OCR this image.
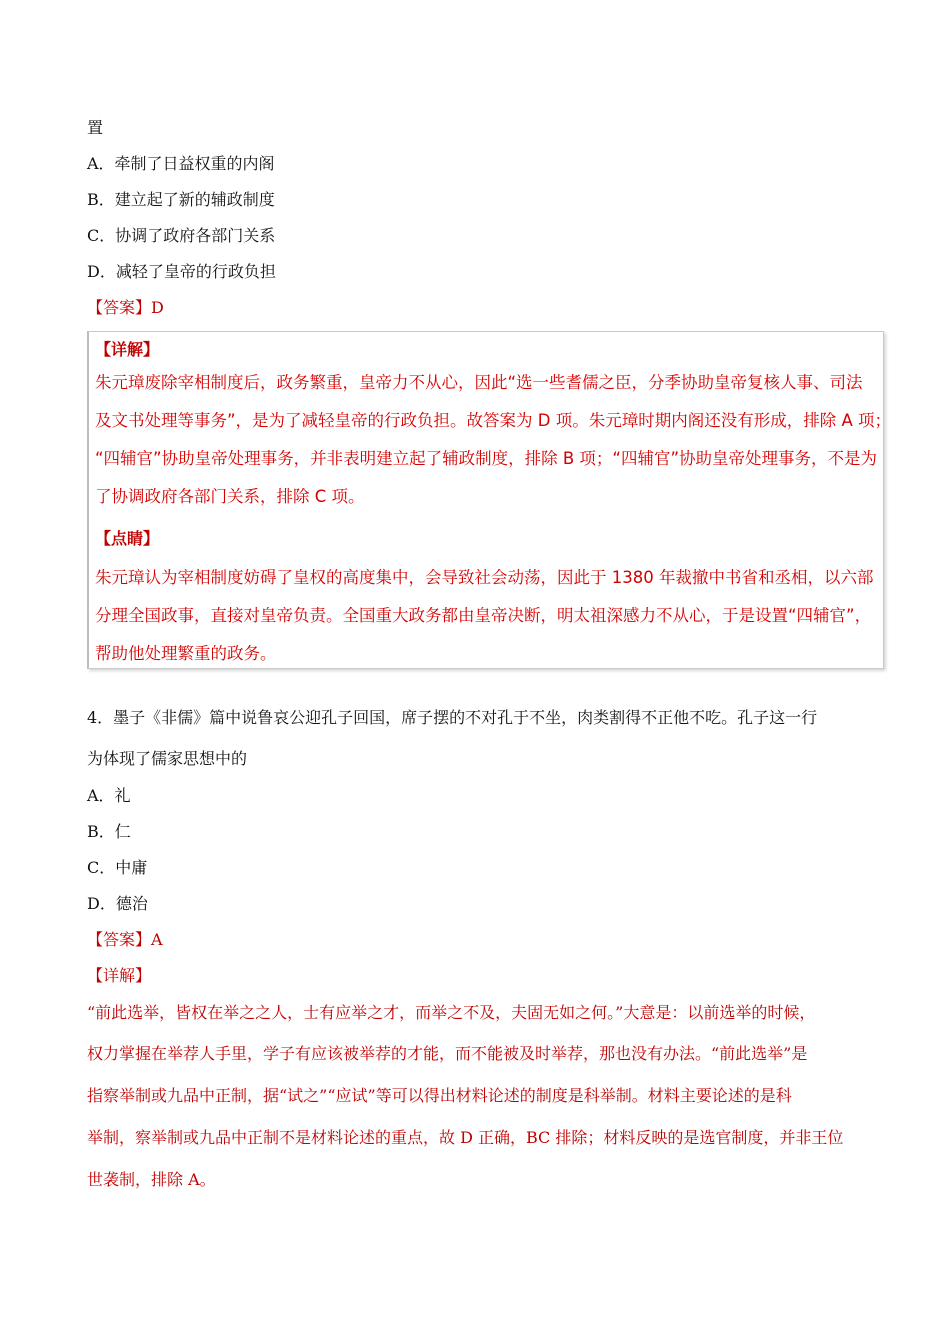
置
A．牵制了日益权重的内阁
B．建立起了新的辅政制度
C．协调了政府各部门关系
D．减轻了皇帝的行政负担
【答案】D
【详解】
朱元璋废除宰相制度后，政务繁重，皇帝力不从心，因此“选一些耆儒之臣，分季协助皇帝复核人事、司法
及文书处理等事务”，是为了减轻皇帝的行政负担。故答案为 D 项。朱元璋时期内阁还没有形成，排除 A 项；
“四辅官”协助皇帝处理事务，并非表明建立起了辅政制度，排除 B 项；“四辅官”协助皇帝处理事务，不是为
了协调政府各部门关系，排除 C 项。
【点睛】
朱元璋认为宰相制度妨碍了皇权的高度集中，会导致社会动荡，因此于 1380 年裁撤中书省和丞相，以六部
分理全国政事，直接对皇帝负责。全国重大政务都由皇帝决断，明太祖深感力不从心，于是设置“四辅官”，
帮助他处理繁重的政务。
4．墨子《非儒》篇中说鲁哀公迎孔子回国，席子摆的不对孔于不坐，肉类割得不正他不吃。孔子这一行
为体现了儒家思想中的
A．礼
B．仁
C．中庸
D．德治
【答案】A
【详解】
“前此选举，皆权在举之之人，士有应举之才，而举之不及，夫固无如之何。”大意是：以前选举的时候，
权力掌握在举荐人手里，学子有应该被举荐的才能，而不能被及时举荐，那也没有办法。“前此选举”是
指察举制或九品中正制，据“试之”“应试”等可以得出材料论述的制度是科举制。材料主要论述的是科
举制，察举制或九品中正制不是材料论述的重点，故 D 正确，BC 排除；材料反映的是选官制度，并非王位
世袭制，排除 A。
